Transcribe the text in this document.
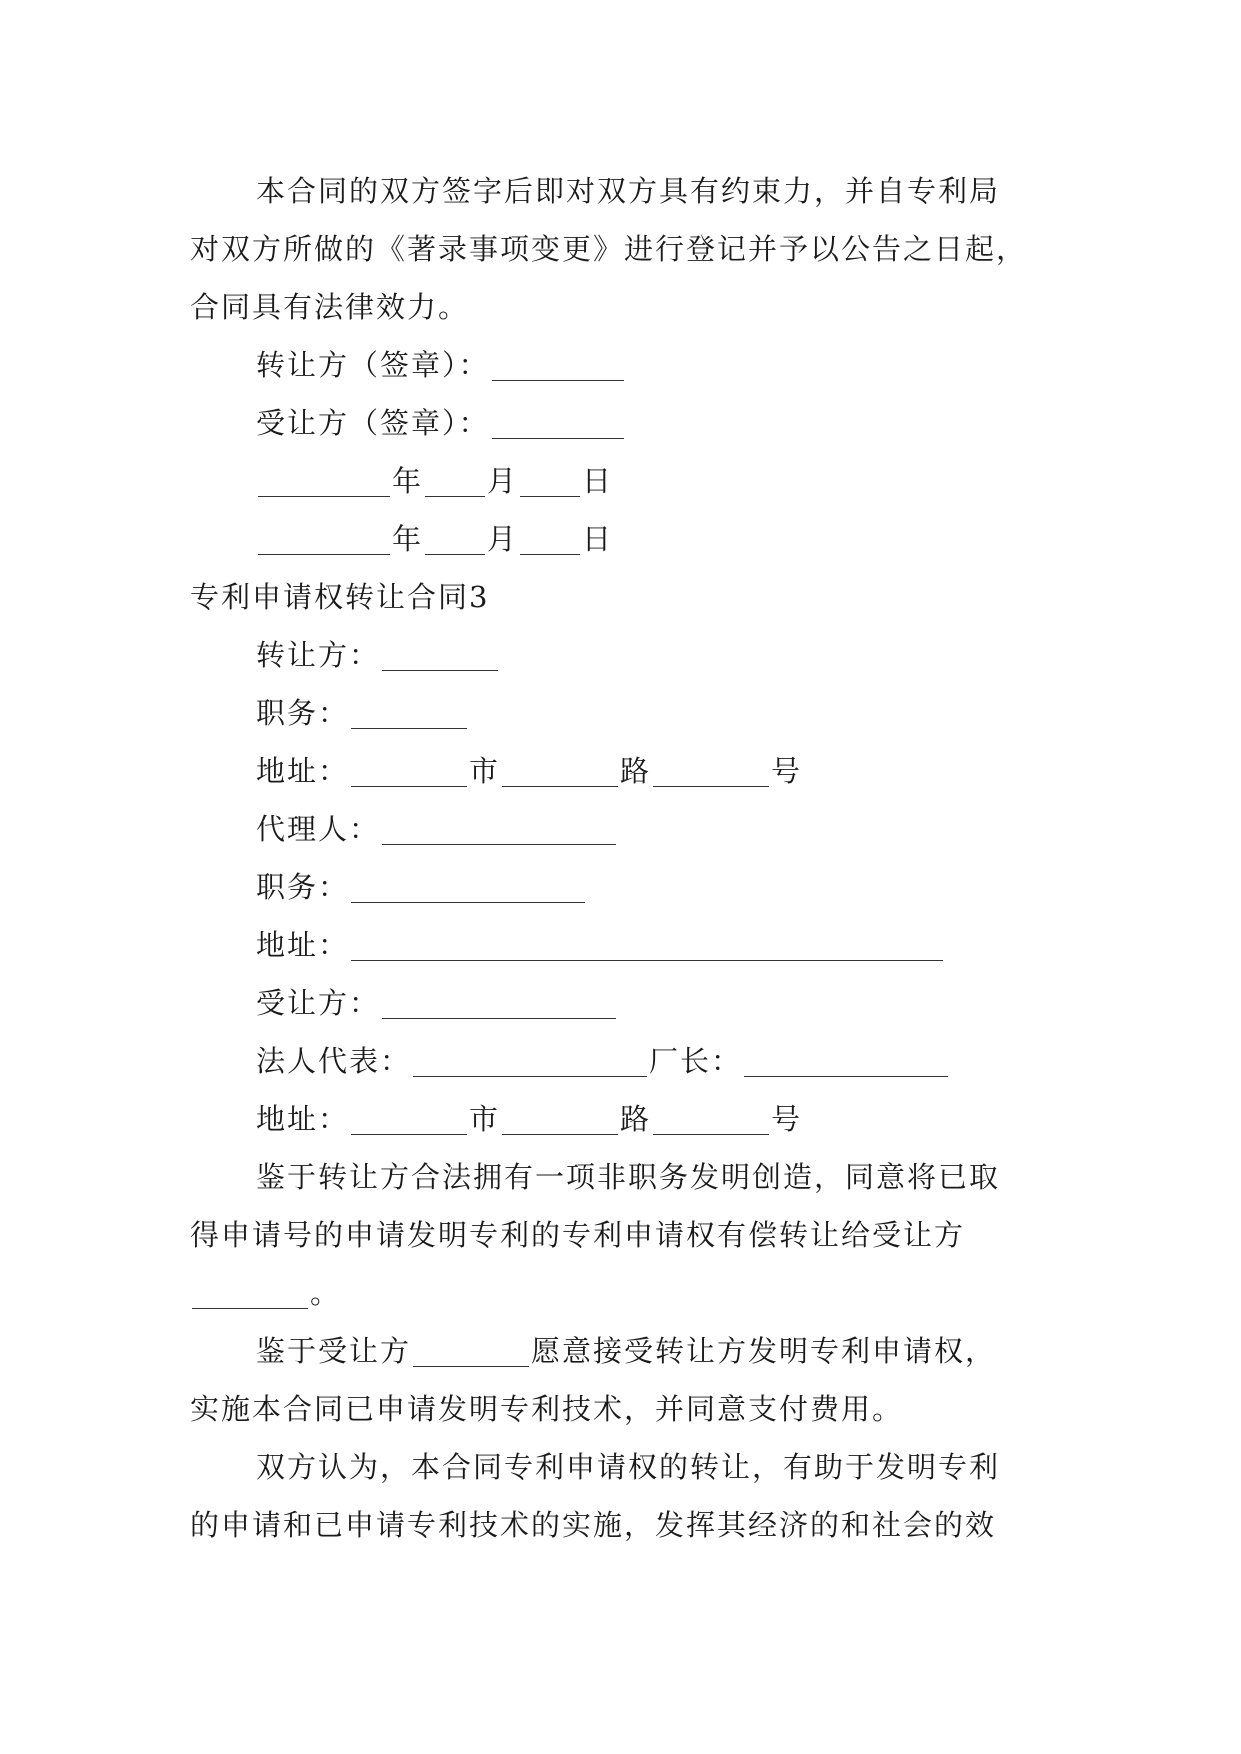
本合同的双方签字后即对双方具有约束力，并自专利局
对双方所做的《著录事项变更》进行登记并予以公告之日起，
合同具有法律效力。
转让方（签章）：
受让方（签章）：
年 月 日
年 月 日
专利申请权转让合同3
转让方：
职务：
地址：	市	路	号
代理人：
职务：
地址：
受让方：
法人代表：	厂长：
地址：	市	路	号
鉴于转让方合法拥有一项非职务发明创造，同意将已取
得申请号的申请发明专利的专利申请权有偿转让给受让方
。
鉴于受让方	愿意接受转让方发明专利申请权，
实施本合同已申请发明专利技术，并同意支付费用。
双方认为，本合同专利申请权的转让，有助于发明专利
的申请和已申请专利技术的实施，发挥其经济的和社会的效
